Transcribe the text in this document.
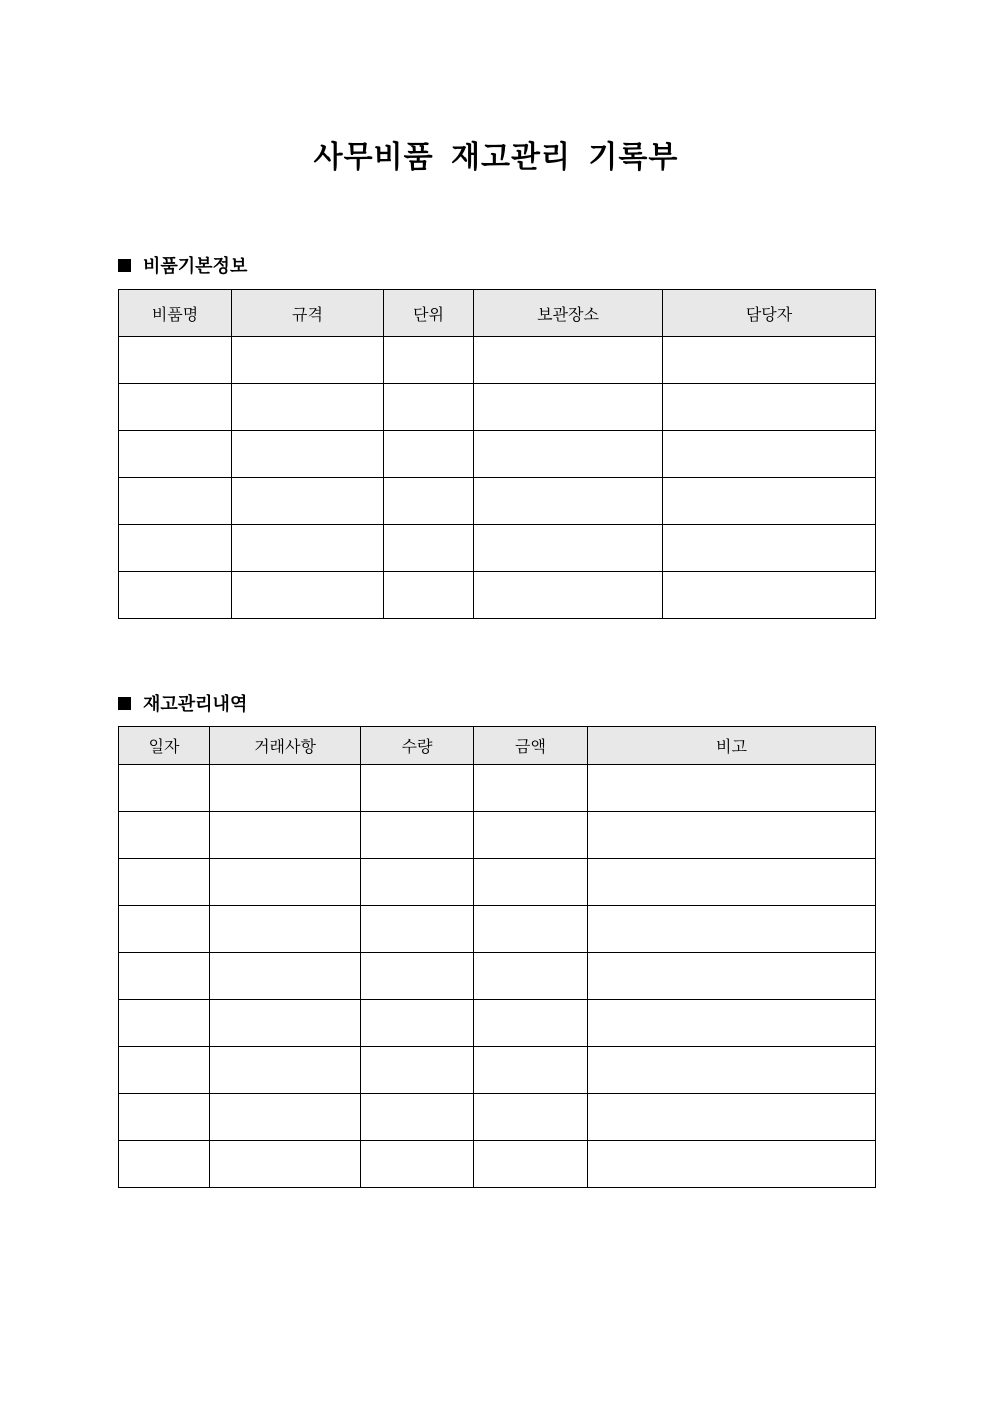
사무비품 재고관리 기록부
비품기본정보
비품명	규격	단위	보관장소	담당자

재고관리내역
일자	거래사항	수량	금액	비고
